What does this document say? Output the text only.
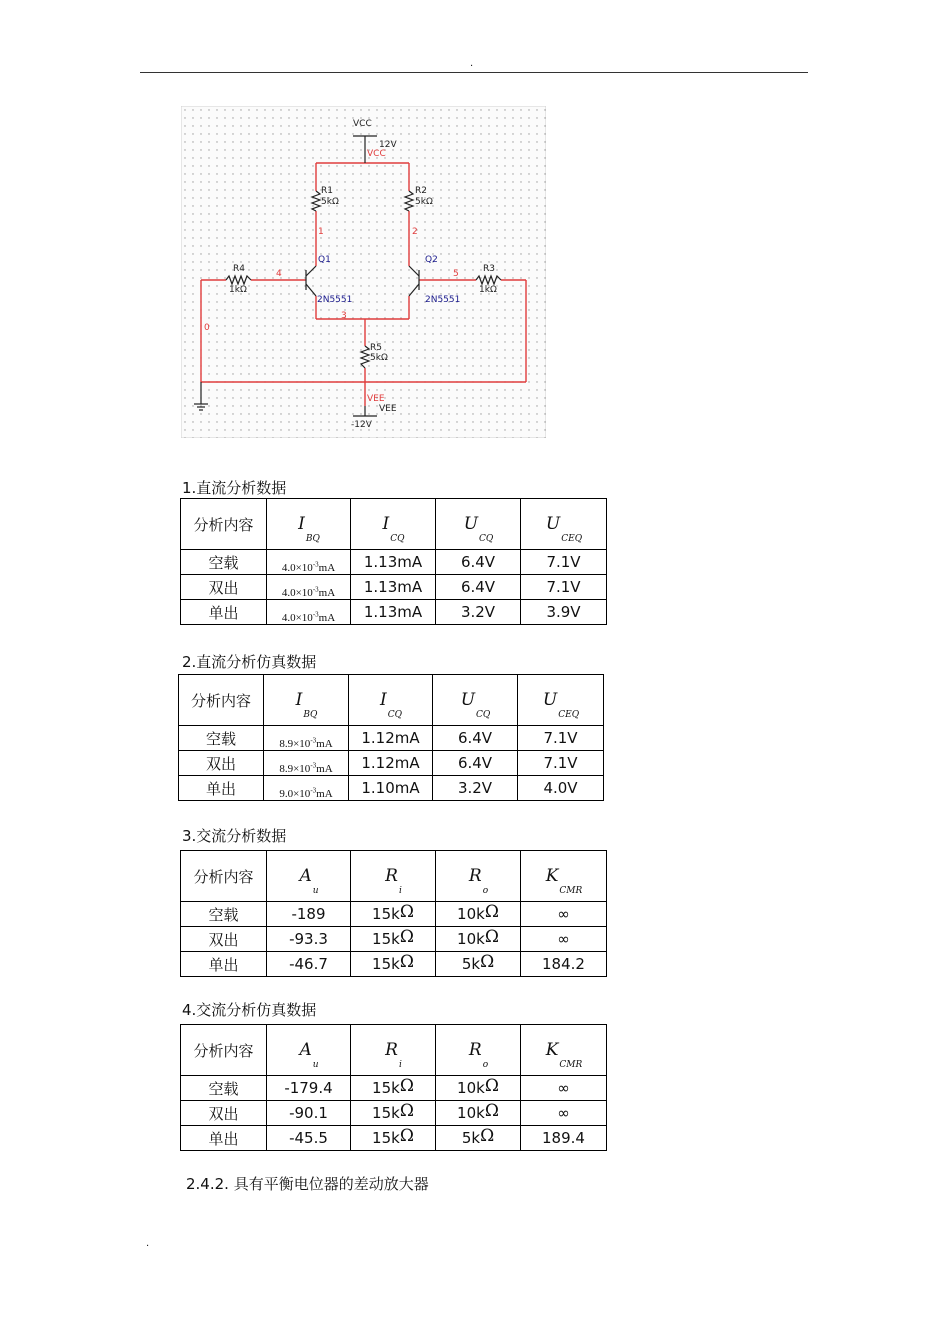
.
VCC
12V
VCC
R1
5kΩ
R2
5kΩ
1	2
Q1	Q2
2N5551	2N5551
R4
1kΩ
4	5	R3
1kΩ
0
3
R5
5kΩ
VEE
VEE
-12V
1.直流分析数据
分析内容	$I_{BQ}$	$I_{CQ}$	$U_{CQ}$	$U_{CEQ}$
空载	$_{4.0\times 10^{-3}mA}$	1.13mA	6.4V	7.1V
双出	$_{4.0\times 10^{-3}mA}$	1.13mA	6.4V	7.1V
单出	$_{4.0\times 10^{-3}mA}$	1.13mA	3.2V	3.9V
2.直流分析仿真数据
分析内容	$I_{BQ}$	$I_{CQ}$	$U_{CQ}$	$U_{CEQ}$
空载	$_{8.9\times 10^{-3}mA}$	1.12mA	6.4V	7.1V
双出	$_{8.9\times 10^{-3}mA}$	1.12mA	6.4V	7.1V
单出	$_{9.0\times 10^{-3}mA}$	1.10mA	3.2V	4.0V
3.交流分析数据
分析内容	$A_u$	$R_i$	$R_o$	$K_{CMR}$
空载	-189	15kΩ	10kΩ	∞
双出	-93.3	15kΩ	10kΩ	∞
单出	-46.7	15kΩ	5kΩ	184.2
4.交流分析仿真数据
分析内容	$A_u$	$R_i$	$R_o$	$K_{CMR}$
空载	-179.4	15kΩ	10kΩ	∞
双出	-90.1	15kΩ	10kΩ	∞
单出	-45.5	15kΩ	5kΩ	189.4
2.4.2. 具有平衡电位器的差动放大器
.
